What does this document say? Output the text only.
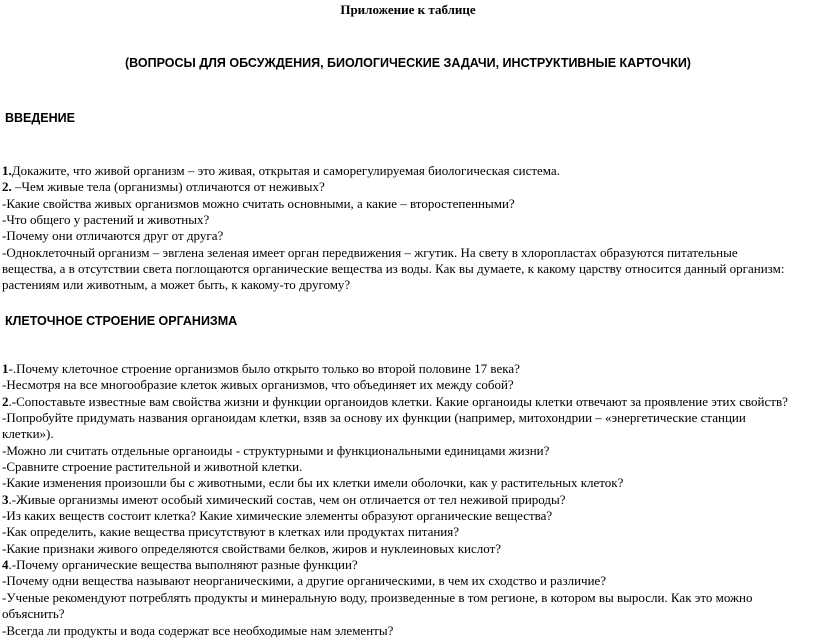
Приложение к таблице
(ВОПРОСЫ ДЛЯ ОБСУЖДЕНИЯ, БИОЛОГИЧЕСКИЕ ЗАДАЧИ, ИНСТРУКТИВНЫЕ КАРТОЧКИ)
ВВЕДЕНИЕ
1.Докажите, что живой организм – это живая, открытая и саморегулируемая биологическая система.
2. –Чем живые тела (организмы) отличаются от неживых?
-Какие свойства живых организмов можно считать основными, а какие – второстепенными?
-Что общего у растений и животных?
-Почему они отличаются друг от друга?
-Одноклеточный организм – эвглена зеленая имеет орган передвижения – жгутик. На свету в хлоропластах образуются питательные
вещества, а в отсутствии света поглощаются органические вещества из воды. Как вы думаете, к какому царству относится данный организм:
растениям или животным, а может быть, к какому-то другому?
КЛЕТОЧНОЕ СТРОЕНИЕ ОРГАНИЗМА
1-.Почему клеточное строение организмов было открыто только во второй половине 17 века?
-Несмотря на все многообразие клеток живых организмов, что объединяет их между собой?
2.-Сопоставьте известные вам свойства жизни и функции органоидов клетки. Какие органоиды клетки отвечают за проявление этих свойств?
-Попробуйте придумать названия органоидам клетки, взяв за основу их функции (например, митохондрии – «энергетические станции
клетки»).
-Можно ли считать отдельные органоиды - структурными и функциональными единицами жизни?
-Сравните строение растительной и животной клетки.
-Какие изменения произошли бы с животными, если бы их клетки имели оболочки, как у растительных клеток?
3.-Живые организмы имеют особый химический состав, чем он отличается от тел неживой природы?
-Из каких веществ состоит клетка? Какие химические элементы образуют органические вещества?
-Как определить, какие вещества присутствуют в клетках или продуктах питания?
-Какие признаки живого определяются свойствами белков, жиров и нуклеиновых кислот?
4.-Почему органические вещества выполняют разные функции?
-Почему одни вещества называют неорганическими, а другие органическими, в чем их сходство и различие?
-Ученые рекомендуют потреблять продукты и минеральную воду, произведенные в том регионе, в котором вы выросли. Как это можно
объяснить?
-Всегда ли продукты и вода содержат все необходимые нам элементы?
